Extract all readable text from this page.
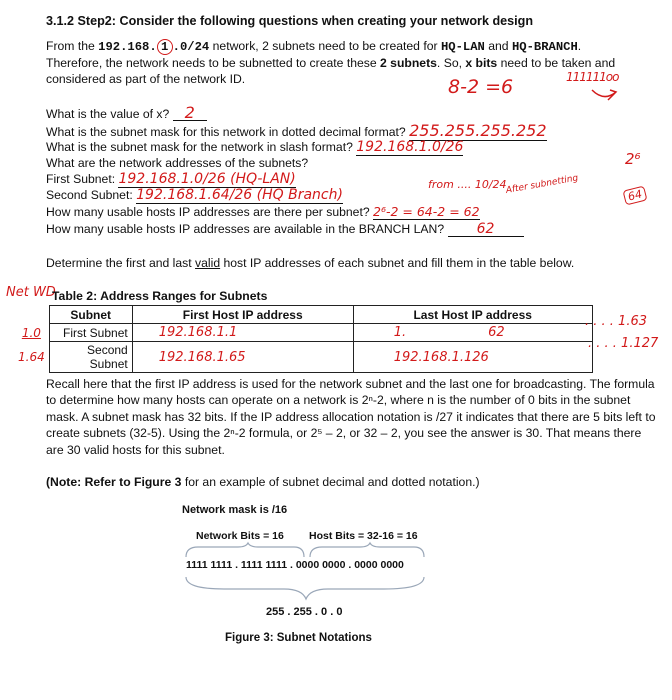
3.1.2 Step2: Consider the following questions when creating your network design
From the 192.168. 1 .0/24 network, 2 subnets need to be created for HQ-LAN and HQ-BRANCH.
Therefore, the network needs to be subnetted to create these 2 subnets. So, x bits need to be taken and
considered as part of the network ID.	8-2 =6	111111oo
What is the value of x? 2
What is the subnet mask for this network in dotted decimal format? 255.255.255.252
What is the subnet mask for the network in slash format? 192.168.1.0/26
What are the network addresses of the subnets?
First Subnet: 192.168.1.0/26 (HQ-LAN)
Second Subnet: 192.168.1.64/26 (HQ Branch)
How many usable hosts IP addresses are there per subnet? 2⁶-2 = 64-2 = 62
How many usable hosts IP addresses are available in the BRANCH LAN? 62
from .... 10/24
After subnetting
2⁶
64
Determine the first and last valid host IP addresses of each subnet and fill them in the table below.
Net WD
Table 2: Address Ranges for Subnets
	Subnet	First Host IP address	Last Host IP address
1.0	First Subnet	192.168.1.1	1. 62
1.64	Second Subnet	192.168.1.65	192.168.1.126
. . . . 1.63
. . . . 1.127

Recall here that the first IP address is used for the network subnet and the last one for broadcasting. The formula to determine how many hosts can operate on a network is 2ⁿ-2, where n is the number of 0 bits in the subnet mask. A subnet mask has 32 bits. If the IP address allocation notation is /27 it indicates that there are 5 bits left to create subnets (32-5). Using the 2ⁿ-2 formula, or 2⁵ – 2, or 32 – 2, you see the answer is 30. That means there are 30 valid hosts for this subnet.

(Note: Refer to Figure 3 for an example of subnet decimal and dotted notation.)
Network mask is /16
Network Bits = 16 Host Bits = 32-16 = 16
1111 1111 . 1111 1111 . 0000 0000 . 0000 0000
255 . 255 . 0 . 0
Figure 3: Subnet Notations
